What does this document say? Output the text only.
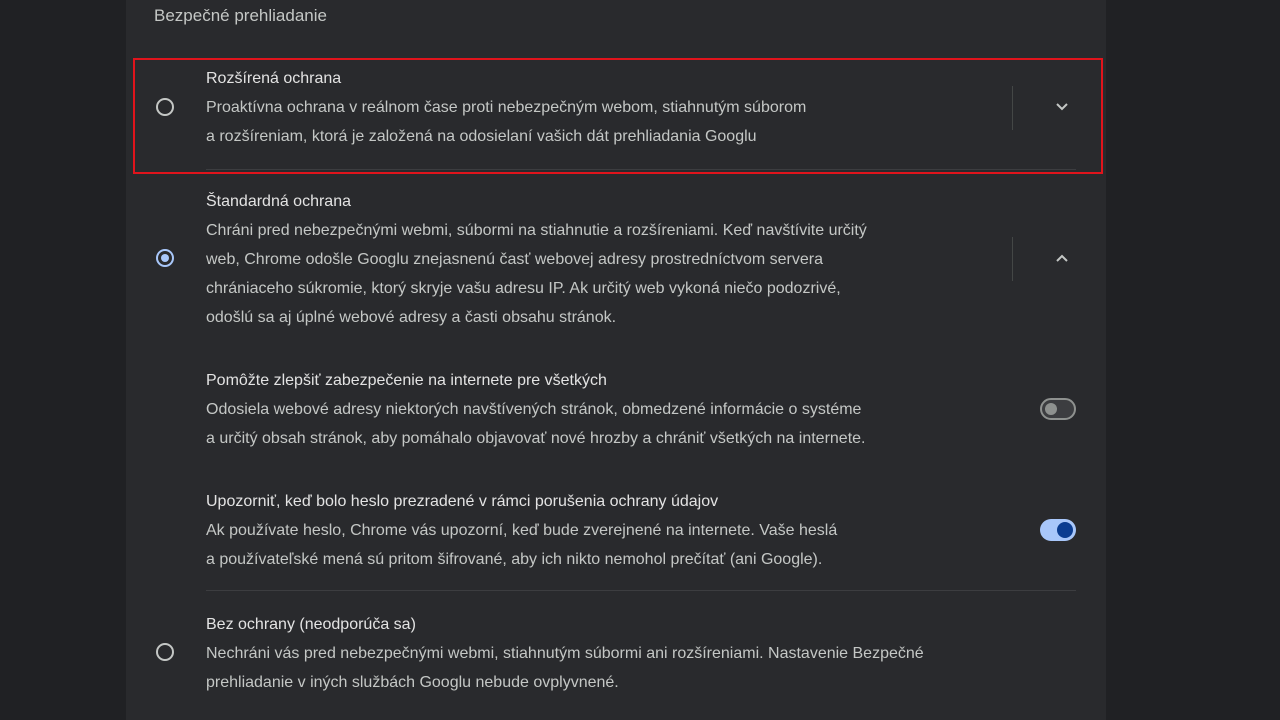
Bezpečné prehliadanie
Rozšírená ochrana
Proaktívna ochrana v reálnom čase proti nebezpečným webom, stiahnutým súborom
a rozšíreniam, ktorá je založená na odosielaní vašich dát prehliadania Googlu
Štandardná ochrana
Chráni pred nebezpečnými webmi, súbormi na stiahnutie a rozšíreniami. Keď navštívite určitý
web, Chrome odošle Googlu znejasnenú časť webovej adresy prostredníctvom servera
chrániaceho súkromie, ktorý skryje vašu adresu IP. Ak určitý web vykoná niečo podozrivé,
odošlú sa aj úplné webové adresy a časti obsahu stránok.
Pomôžte zlepšiť zabezpečenie na internete pre všetkých
Odosiela webové adresy niektorých navštívených stránok, obmedzené informácie o systéme
a určitý obsah stránok, aby pomáhalo objavovať nové hrozby a chrániť všetkých na internete.
Upozorniť, keď bolo heslo prezradené v rámci porušenia ochrany údajov
Ak používate heslo, Chrome vás upozorní, keď bude zverejnené na internete. Vaše heslá
a používateľské mená sú pritom šifrované, aby ich nikto nemohol prečítať (ani Google).
Bez ochrany (neodporúča sa)
Nechráni vás pred nebezpečnými webmi, stiahnutým súbormi ani rozšíreniami. Nastavenie Bezpečné
prehliadanie v iných službách Googlu nebude ovplyvnené.
